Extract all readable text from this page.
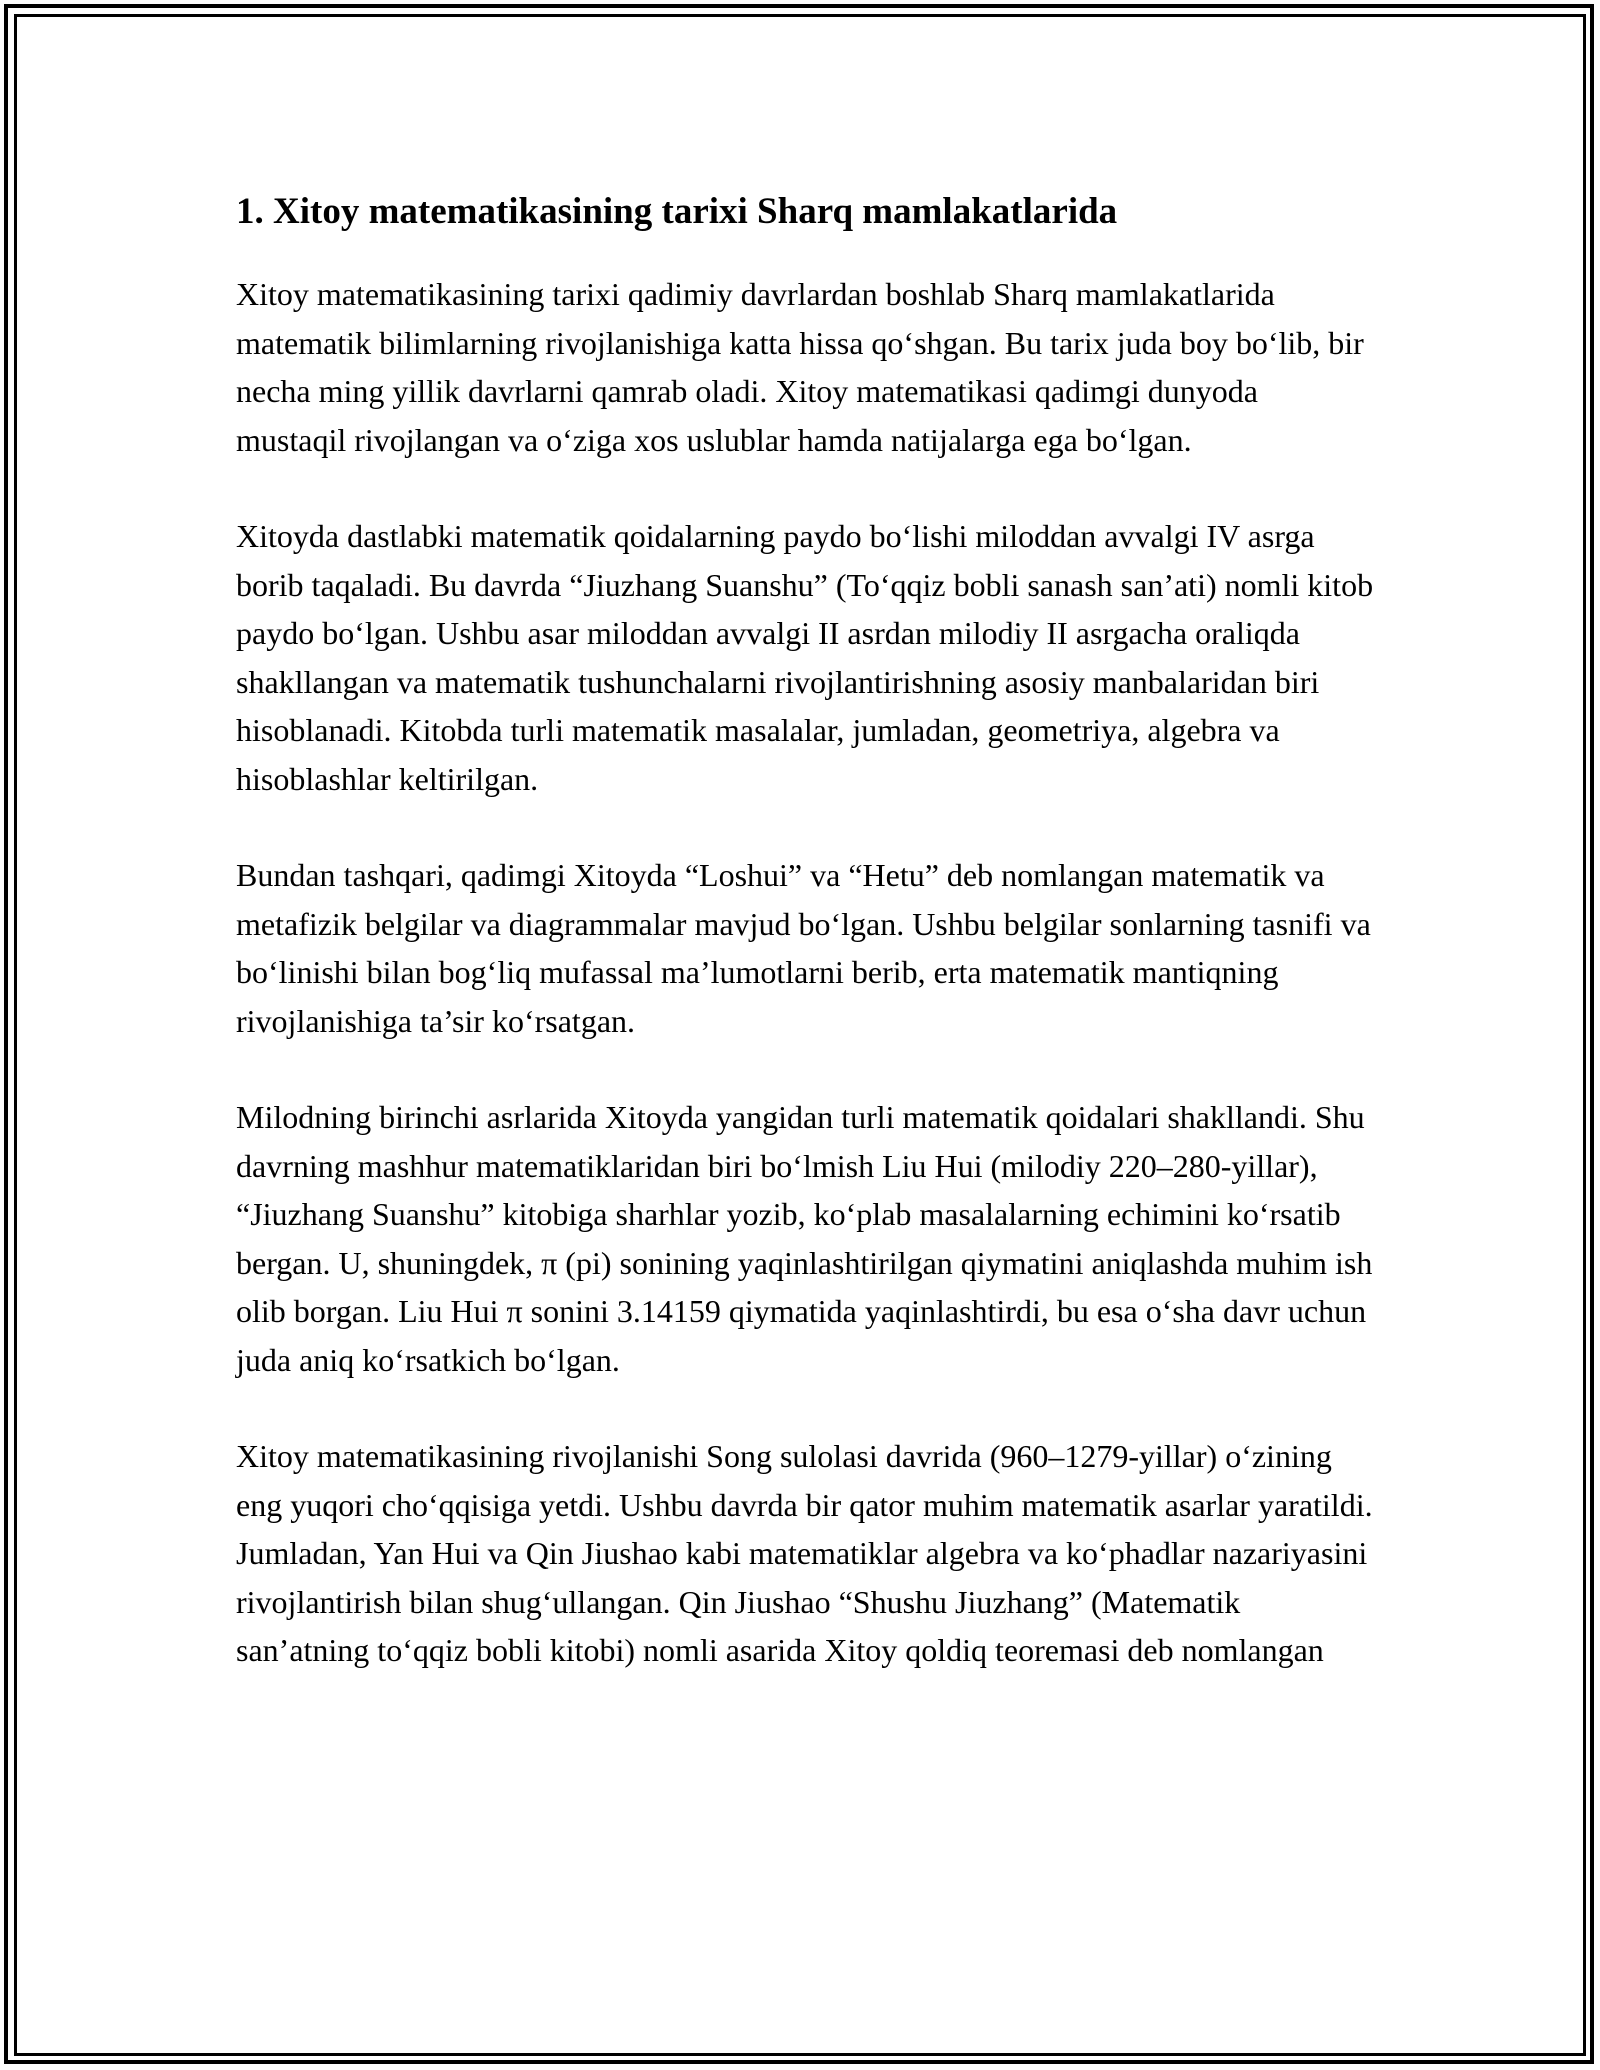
1. Xitoy matematikasining tarixi Sharq mamlakatlarida

Xitoy matematikasining tarixi qadimiy davrlardan boshlab Sharq mamlakatlarida matematik bilimlarning rivojlanishiga katta hissa qo‘shgan. Bu tarix juda boy bo‘lib, bir necha ming yillik davrlarni qamrab oladi. Xitoy matematikasi qadimgi dunyoda mustaqil rivojlangan va o‘ziga xos uslublar hamda natijalarga ega bo‘lgan.

Xitoyda dastlabki matematik qoidalarning paydo bo‘lishi miloddan avvalgi IV asrga borib taqaladi. Bu davrda “Jiuzhang Suanshu” (To‘qqiz bobli sanash san’ati) nomli kitob paydo bo‘lgan. Ushbu asar miloddan avvalgi II asrdan milodiy II asrgacha oraliqda shakllangan va matematik tushunchalarni rivojlantirishning asosiy manbalaridan biri hisoblanadi. Kitobda turli matematik masalalar, jumladan, geometriya, algebra va hisoblashlar keltirilgan.

Bundan tashqari, qadimgi Xitoyda “Loshui” va “Hetu” deb nomlangan matematik va metafizik belgilar va diagrammalar mavjud bo‘lgan. Ushbu belgilar sonlarning tasnifi va bo‘linishi bilan bog‘liq mufassal ma’lumotlarni berib, erta matematik mantiqning rivojlanishiga ta’sir ko‘rsatgan.

Milodning birinchi asrlarida Xitoyda yangidan turli matematik qoidalari shakllandi. Shu davrning mashhur matematiklaridan biri bo‘lmish Liu Hui (milodiy 220–280-yillar), “Jiuzhang Suanshu” kitobiga sharhlar yozib, ko‘plab masalalarning echimini ko‘rsatib bergan. U, shuningdek, π (pi) sonining yaqinlashtirilgan qiymatini aniqlashda muhim ish olib borgan. Liu Hui π sonini 3.14159 qiymatida yaqinlashtirdi, bu esa o‘sha davr uchun juda aniq ko‘rsatkich bo‘lgan.

Xitoy matematikasining rivojlanishi Song sulolasi davrida (960–1279-yillar) o‘zining eng yuqori cho‘qqisiga yetdi. Ushbu davrda bir qator muhim matematik asarlar yaratildi. Jumladan, Yan Hui va Qin Jiushao kabi matematiklar algebra va ko‘phadlar nazariyasini rivojlantirish bilan shug‘ullangan. Qin Jiushao “Shushu Jiuzhang” (Matematik san’atning to‘qqiz bobli kitobi) nomli asarida Xitoy qoldiq teoremasi deb nomlangan
